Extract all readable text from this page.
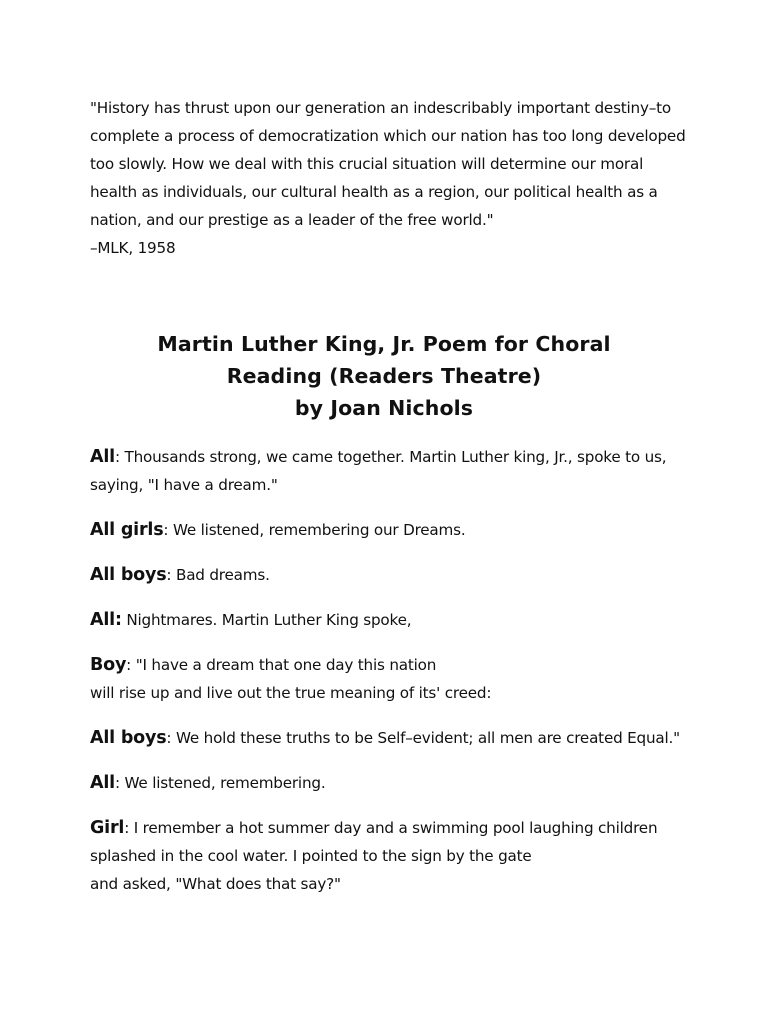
"History has thrust upon our generation an indescribably important destiny–to

complete a process of democratization which our nation has too long developed

too slowly. How we deal with this crucial situation will determine our moral

health as individuals, our cultural health as a region, our political health as a

nation, and our prestige as a leader of the free world."

–MLK, 1958

Martin Luther King, Jr. Poem for Choral
Reading (Readers Theatre)
by Joan Nichols
All: Thousands strong, we came together. Martin Luther king, Jr., spoke to us,
saying, "I have a dream."
All girls: We listened, remembering our Dreams.
All boys: Bad dreams.
All: Nightmares. Martin Luther King spoke,
Boy: "I have a dream that one day this nation
will rise up and live out the true meaning of its' creed:
All boys: We hold these truths to be Self–evident; all men are created Equal."
All: We listened, remembering.
Girl: I remember a hot summer day and a swimming pool laughing children
splashed in the cool water. I pointed to the sign by the gate
and asked, "What does that say?"
